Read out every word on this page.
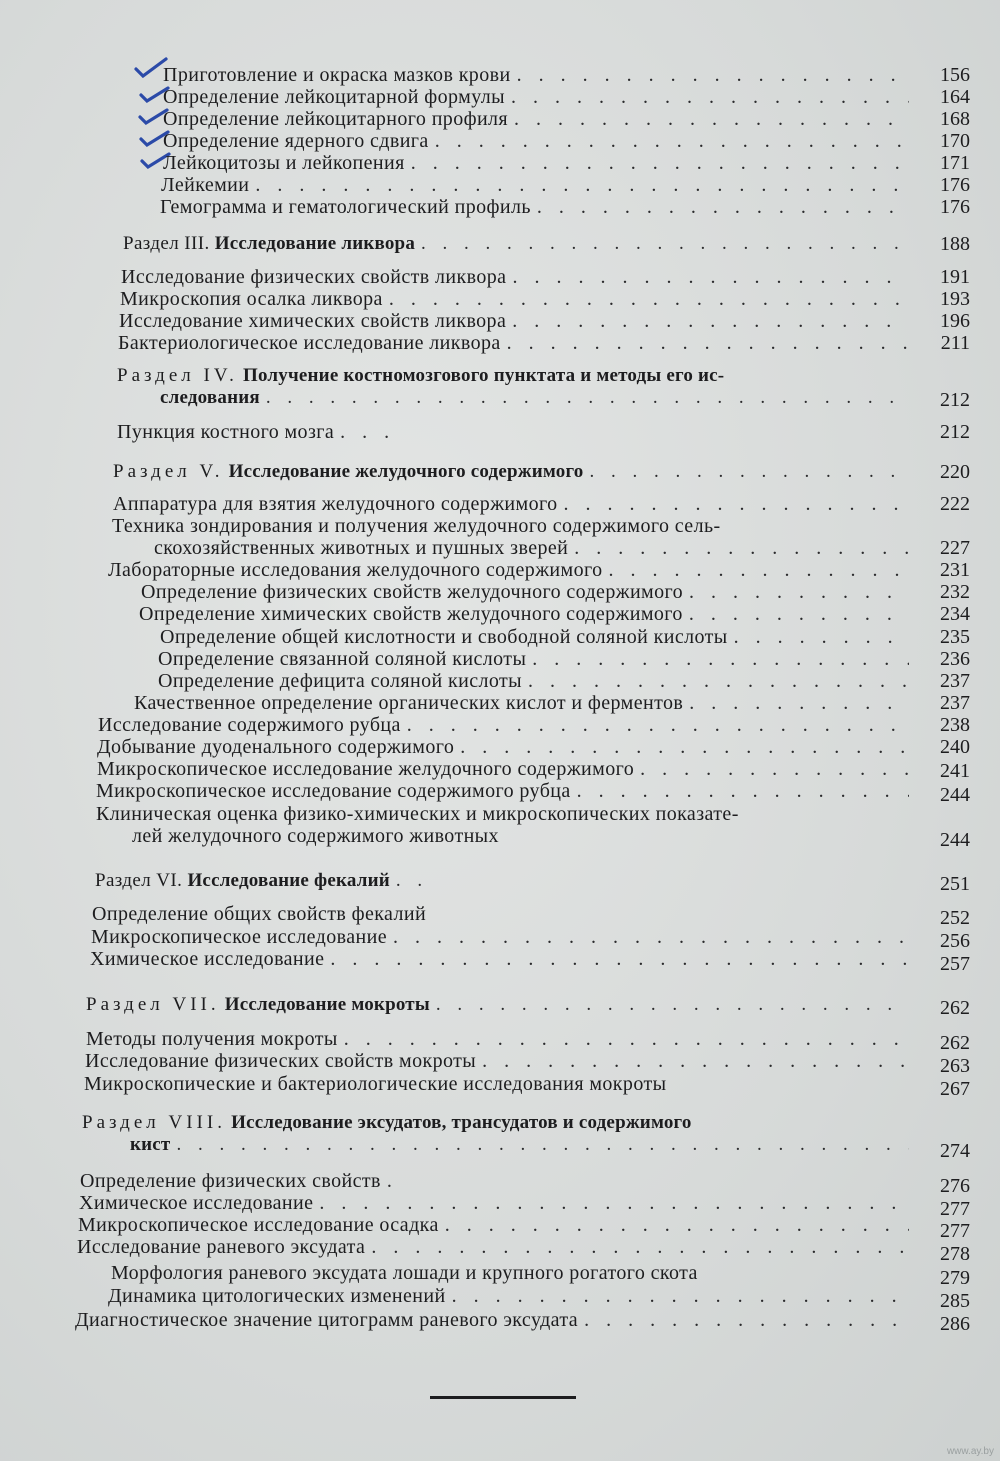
Приготовление и окраска мазков крови . . .	156
Определение лейкоцитарной формулы . . .	164
Определение лейкоцитарного профиля . . .	168
Определение ядерного сдвига . . .	170
Лейкоцитозы и лейкопения . . .	171
Лейкемии . . .	176
Гемограмма и гематологический профиль . . .	176
Раздел III. Исследование ликвора . . .	188
Исследование физических свойств ликвора . . .	191
Микроскопия осалка ликвора . . .	193
Исследование химических свойств ликвора . . .	196
Бактериологическое исследование ликвора . . .	211
Раздел IV. Получение костномозгового пунктата и методы его ис-
следования . . .	212
Пункция костного мозга . . .	212
Раздел V. Исследование желудочного содержимого . . .	220
Аппаратура для взятия желудочного содержимого . . .	222
Техника зондирования и получения желудочного содержимого сель-
скохозяйственных животных и пушных зверей . . .	227
Лабораторные исследования желудочного содержимого . . .	231
Определение физических свойств желудочного содержимого . . .	232
Определение химических свойств желудочного содержимого . . .	234
Определение общей кислотности и свободной соляной кислоты . . .	235
Определение связанной соляной кислоты . . .	236
Определение дефицита соляной кислоты . . .	237
Качественное определение органических кислот и ферментов . . .	237
Исследование содержимого рубца . . .	238
Добывание дуоденального содержимого . . .	240
Микроскопическое исследование желудочного содержимого . . .	241
Микроскопическое исследование содержимого рубца . . .	244
Клиническая оценка физико-химических и микроскопических показате-
лей желудочного содержимого животных	244
Раздел VI. Исследование фекалий . . .	251
Определение общих свойств фекалий	252
Микроскопическое исследование . . .	256
Химическое исследование . . .	257
Раздел VII. Исследование мокроты . . .	262
Методы получения мокроты . . .	262
Исследование физических свойств мокроты . . .	263
Микроскопические и бактериологические исследования мокроты	267
Раздел VIII. Исследование эксудатов, трансудатов и содержимого
кист . . .	274
Определение физических свойств . . .	276
Химическое исследование . . .	277
Микроскопическое исследование осадка . . .	277
Исследование раневого эксудата . . .	278
Морфология раневого эксудата лошади и крупного рогатого скота	279
Динамика цитологических изменений . . .	285
Диагностическое значение цитограмм раневого эксудата . . .	286
www.ay.by
